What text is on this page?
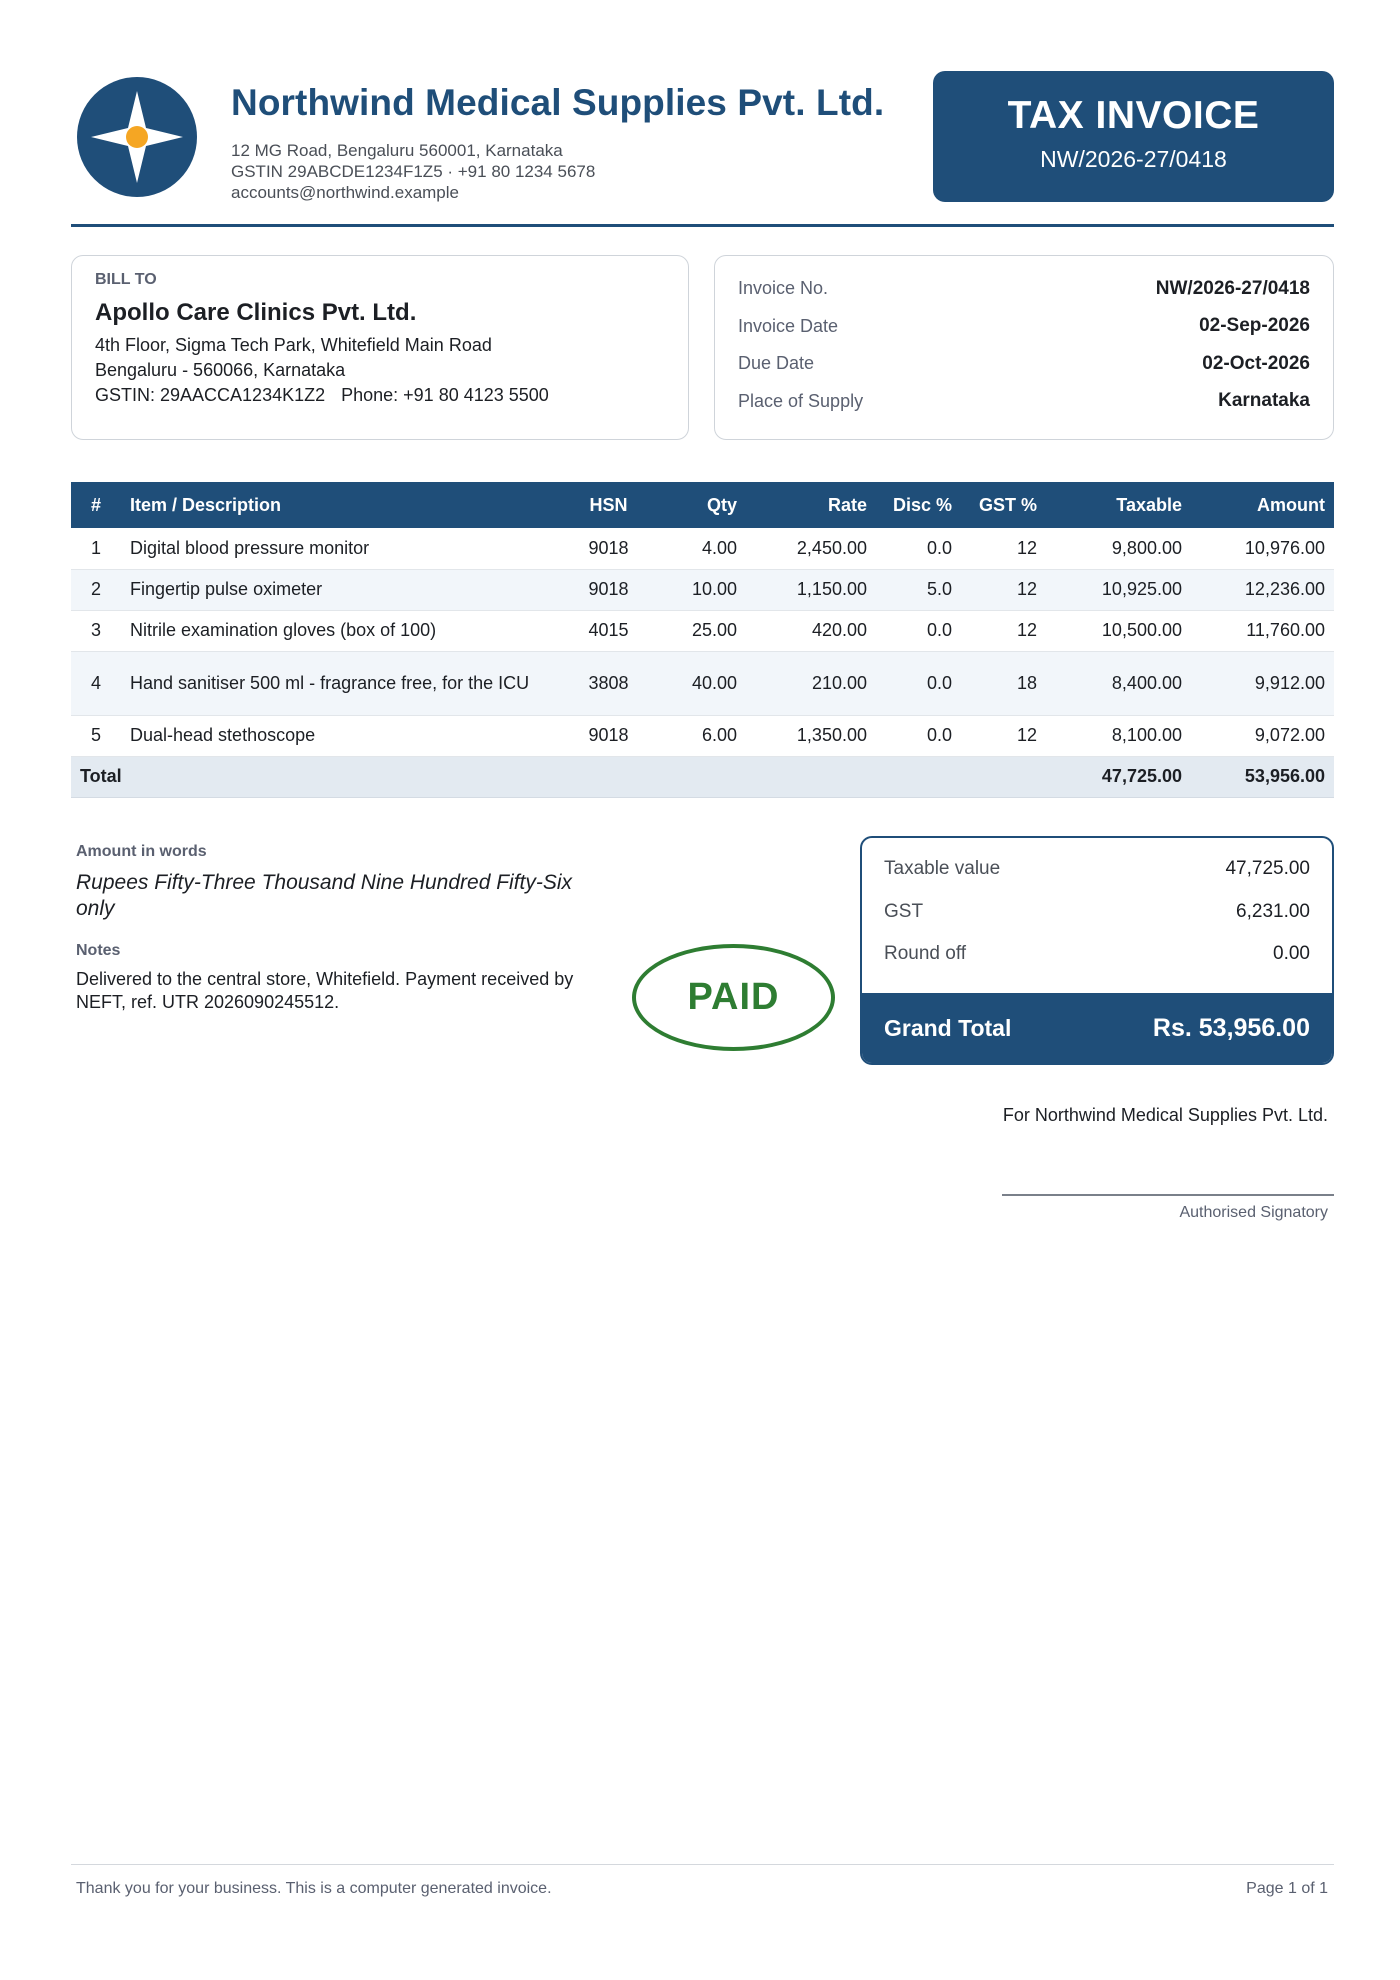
Northwind Medical Supplies Pvt. Ltd.
12 MG Road, Bengaluru 560001, Karnataka
GSTIN 29ABCDE1234F1Z5 · +91 80 1234 5678
accounts@northwind.example
TAX INVOICE
NW/2026-27/0418
BILL TO
Apollo Care Clinics Pvt. Ltd.
4th Floor, Sigma Tech Park, Whitefield Main Road
Bengaluru - 560066, Karnataka
GSTIN: 29AACCA1234K1Z2 Phone: +91 80 4123 5500
Invoice No.	NW/2026-27/0418
Invoice Date	02-Sep-2026
Due Date	02-Oct-2026
Place of Supply	Karnataka
#	Item / Description	HSN	Qty	Rate	Disc %	GST %	Taxable	Amount
1	Digital blood pressure monitor	9018	4.00	2,450.00	0.0	12	9,800.00	10,976.00
2	Fingertip pulse oximeter	9018	10.00	1,150.00	5.0	12	10,925.00	12,236.00
3	Nitrile examination gloves (box of 100)	4015	25.00	420.00	0.0	12	10,500.00	11,760.00
4	Hand sanitiser 500 ml - fragrance free, for the ICU	3808	40.00	210.00	0.0	18	8,400.00	9,912.00
5	Dual-head stethoscope	9018	6.00	1,350.00	0.0	12	8,100.00	9,072.00
Total							47,725.00	53,956.00
Amount in words
Rupees Fifty-Three Thousand Nine Hundred Fifty-Six only
Notes
Delivered to the central store, Whitefield. Payment received by NEFT, ref. UTR 2026090245512.	PAID
Taxable value	47,725.00
GST	6,231.00
Round off	0.00
Grand Total	Rs. 53,956.00
For Northwind Medical Supplies Pvt. Ltd.
Authorised Signatory
Thank you for your business. This is a computer generated invoice.	Page 1 of 1
